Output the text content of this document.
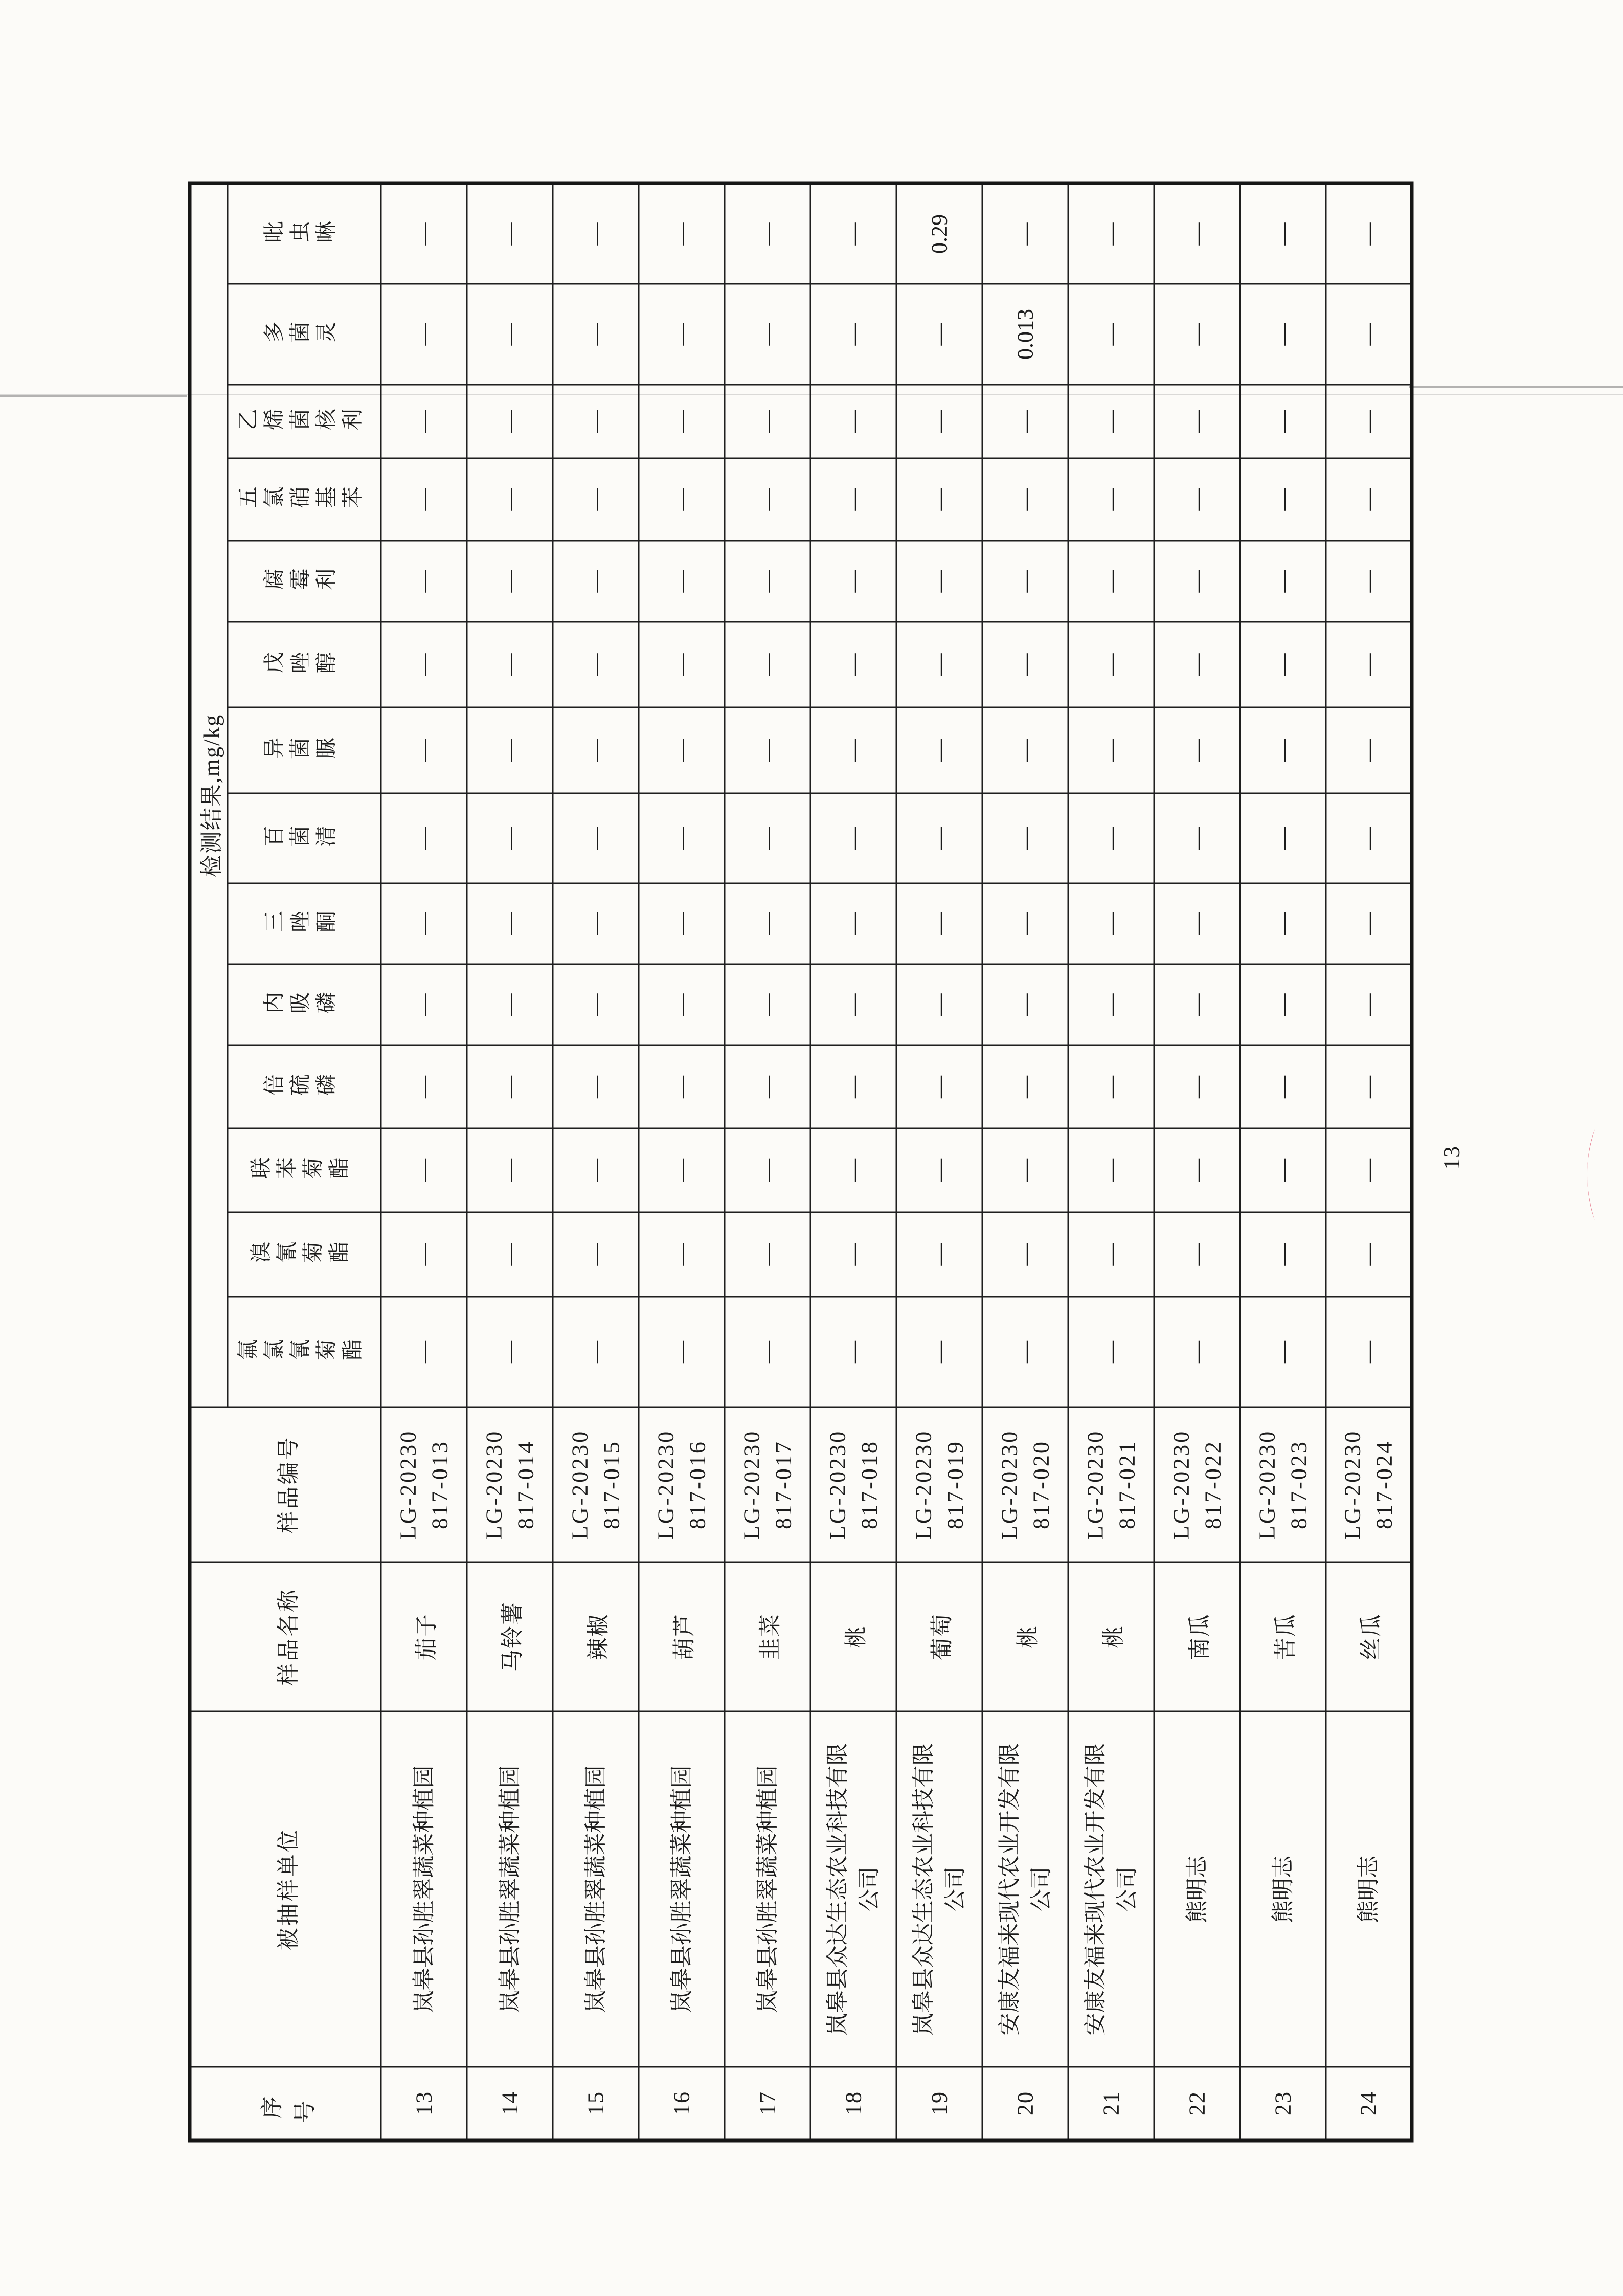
序号	被抽样单位	样品名称	样品编号	检测结果,mg/kg													
				氟氯氰菊酯	溴氰菊酯	联苯菊酯	倍硫磷	内吸磷	三唑酮	百菌清	异菌脲	戊唑醇	腐霉利	五氯硝基苯	乙烯菌核利	多菌灵	吡虫啉
13	岚皋县孙胜翠蔬菜种植园	茄子	LG-20230 817-013	—	—	—	—	—	—	—	—	—	—	—	—	—	—
14	岚皋县孙胜翠蔬菜种植园	马铃薯	LG-20230 817-014	—	—	—	—	—	—	—	—	—	—	—	—	—	—
15	岚皋县孙胜翠蔬菜种植园	辣椒	LG-20230 817-015	—	—	—	—	—	—	—	—	—	—	—	—	—	—
16	岚皋县孙胜翠蔬菜种植园	葫芦	LG-20230 817-016	—	—	—	—	—	—	—	—	—	—	—	—	—	—
17	岚皋县孙胜翠蔬菜种植园	韭菜	LG-20230 817-017	—	—	—	—	—	—	—	—	—	—	—	—	—	—
18	岚皋县众达生态农业科技有限 公司	桃	LG-20230 817-018	—	—	—	—	—	—	—	—	—	—	—	—	—	—
19	岚皋县众达生态农业科技有限 公司	葡萄	LG-20230 817-019	—	—	—	—	—	—	—	—	—	—	—	—	—	0.29
20	安康友福来现代农业开发有限 公司	桃	LG-20230 817-020	—	—	—	—	—	—	—	—	—	—	—	—	0.013	—
21	安康友福来现代农业开发有限 公司	桃	LG-20230 817-021	—	—	—	—	—	—	—	—	—	—	—	—	—	—
22	熊明志	南瓜	LG-20230 817-022	—	—	—	—	—	—	—	—	—	—	—	—	—	—
23	熊明志	苦瓜	LG-20230 817-023	—	—	—	—	—	—	—	—	—	—	—	—	—	—
24	熊明志	丝瓜	LG-20230 817-024	—	—	—	—	—	—	—	—	—	—	—	—	—	—
13
